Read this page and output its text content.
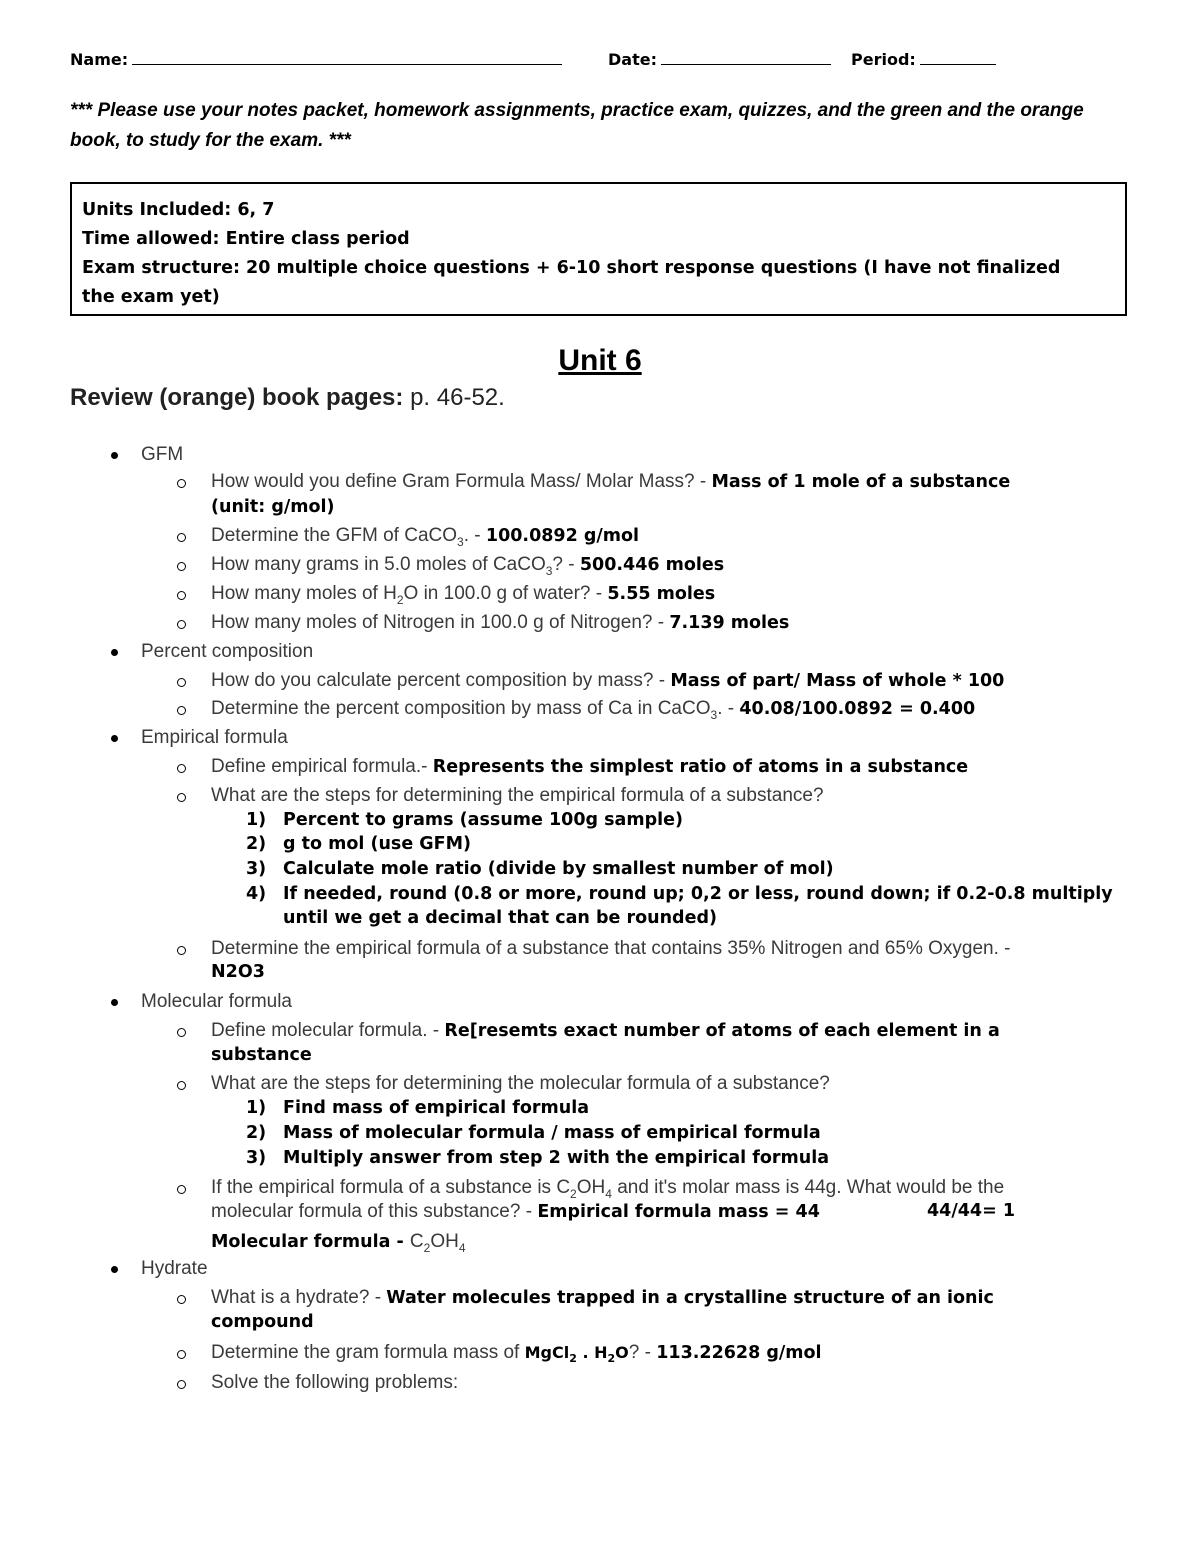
Name:	Date:	Period:
*** Please use your notes packet, homework assignments, practice exam, quizzes, and the green and the orange book, to study for the exam. ***
Units Included: 6, 7
Time allowed: Entire class period
Exam structure: 20 multiple choice questions + 6-10 short response questions (I have not finalized
the exam yet)
Unit 6
Review (orange) book pages: p. 46-52.
GFM
How would you define Gram Formula Mass/ Molar Mass? - Mass of 1 mole of a substance
(unit: g/mol)
Determine the GFM of CaCO$_3$. - 100.0892 g/mol
How many grams in 5.0 moles of CaCO$_3$? - 500.446 moles
How many moles of $H_2O$ in 100.0 g of water? - 5.55 moles
How many moles of Nitrogen in 100.0 g of Nitrogen? - 7.139 moles
Percent composition
How do you calculate percent composition by mass? - Mass of part/ Mass of whole * 100
Determine the percent composition by mass of Ca in CaCO$_3$. - 40.08/100.0892 = 0.400
Empirical formula
Define empirical formula.- Represents the simplest ratio of atoms in a substance
What are the steps for determining the empirical formula of a substance?
1) Percent to grams (assume 100g sample)
2) g to mol (use GFM)
3) Calculate mole ratio (divide by smallest number of mol)
4) If needed, round (0.8 or more, round up; 0,2 or less, round down; if 0.2-0.8 multiply
until we get a decimal that can be rounded)
Determine the empirical formula of a substance that contains 35% Nitrogen and 65% Oxygen. -
N2O3
Molecular formula
Define molecular formula. - Re[resemts exact number of atoms of each element in a
substance
What are the steps for determining the molecular formula of a substance?
1) Find mass of empirical formula
2) Mass of molecular formula / mass of empirical formula
3) Multiply answer from step 2 with the empirical formula
If the empirical formula of a substance is $C_2OH_4$ and it's molar mass is 44g. What would be the
molecular formula of this substance? - Empirical formula mass = 44	44/44= 1
Molecular formula - $C_2OH_4$
Hydrate
What is a hydrate? - Water molecules trapped in a crystalline structure of an ionic
compound
Determine the gram formula mass of MgCl$_2$ . $H_2O$? - 113.22628 g/mol
Solve the following problems:
